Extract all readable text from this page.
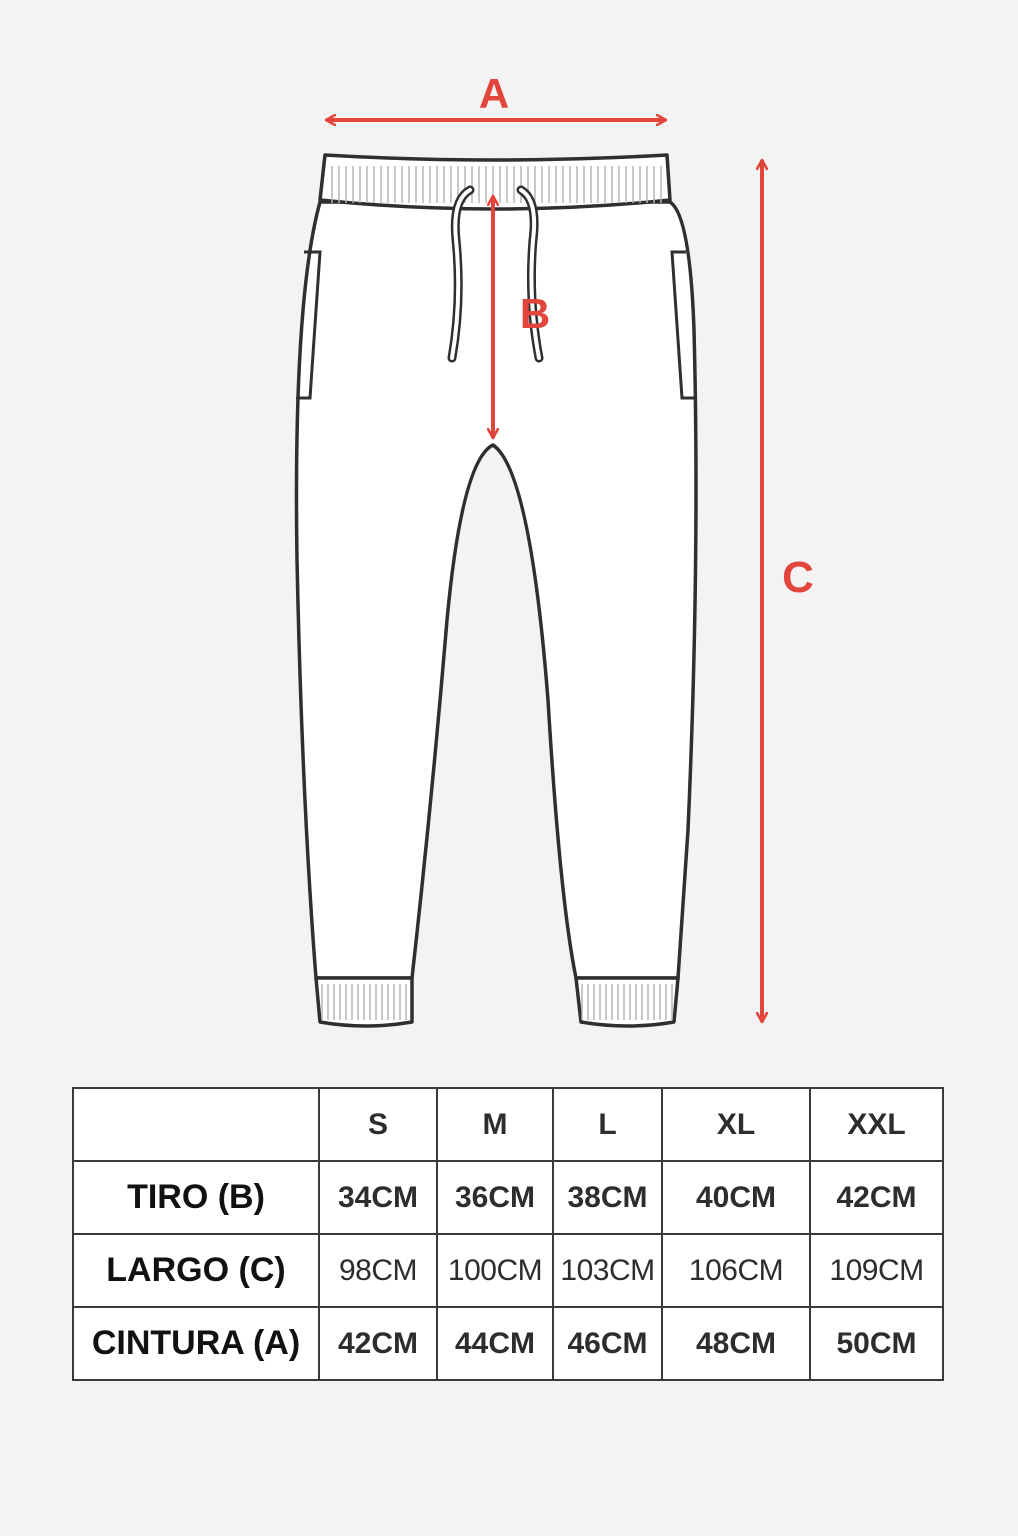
A
B
C
	S	M	L	XL	XXL
TIRO (B)	34CM	36CM	38CM	40CM	42CM
LARGO (C)	98CM	100CM	103CM	106CM	109CM
CINTURA (A)	42CM	44CM	46CM	48CM	50CM
